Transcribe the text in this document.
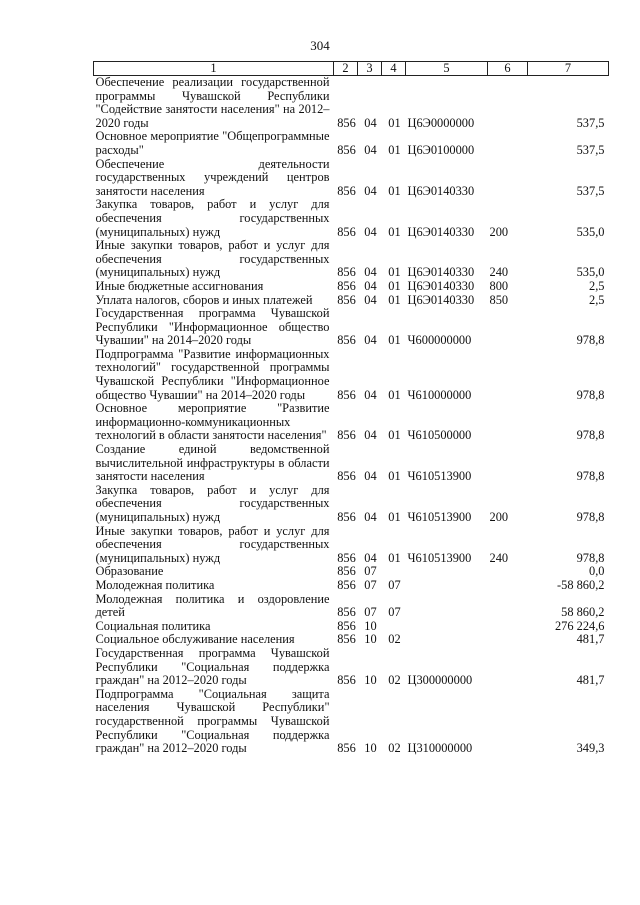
304
1	2	3	4	5	6	7
Обеспечение реализации государственной программы Чувашской Республики "Содействие занятости населения" на 2012–2020 годы	856	04	01	Ц6Э0000000		537,5
Основное мероприятие "Общепрограммные расходы"	856	04	01	Ц6Э0100000		537,5
Обеспечение деятельности государственных учреждений центров занятости населения	856	04	01	Ц6Э0140330		537,5
Закупка товаров, работ и услуг для обеспечения государственных (муниципальных) нужд	856	04	01	Ц6Э0140330	200	535,0
Иные закупки товаров, работ и услуг для обеспечения государственных (муниципальных) нужд	856	04	01	Ц6Э0140330	240	535,0
Иные бюджетные ассигнования	856	04	01	Ц6Э0140330	800	2,5
Уплата налогов, сборов и иных платежей	856	04	01	Ц6Э0140330	850	2,5
Государственная программа Чувашской Республики "Информационное общество Чувашии" на 2014–2020 годы	856	04	01	Ч600000000		978,8
Подпрограмма "Развитие информационных технологий" государственной программы Чувашской Республики "Информационное общество Чувашии" на 2014–2020 годы	856	04	01	Ч610000000		978,8
Основное мероприятие "Развитие информационно-коммуникационных технологий в области занятости населения"	856	04	01	Ч610500000		978,8
Создание единой ведомственной вычислительной инфраструктуры в области занятости населения	856	04	01	Ч610513900		978,8
Закупка товаров, работ и услуг для обеспечения государственных (муниципальных) нужд	856	04	01	Ч610513900	200	978,8
Иные закупки товаров, работ и услуг для обеспечения государственных (муниципальных) нужд	856	04	01	Ч610513900	240	978,8
Образование	856	07				0,0
Молодежная политика	856	07	07			-58 860,2
Молодежная политика и оздоровление детей	856	07	07			58 860,2
Социальная политика	856	10				276 224,6
Социальное обслуживание населения	856	10	02			481,7
Государственная программа Чувашской Республики "Социальная поддержка граждан" на 2012–2020 годы	856	10	02	Ц300000000		481,7
Подпрограмма "Социальная защита населения Чувашской Республики" государственной программы Чувашской Республики "Социальная поддержка граждан" на 2012–2020 годы	856	10	02	Ц310000000		349,3
